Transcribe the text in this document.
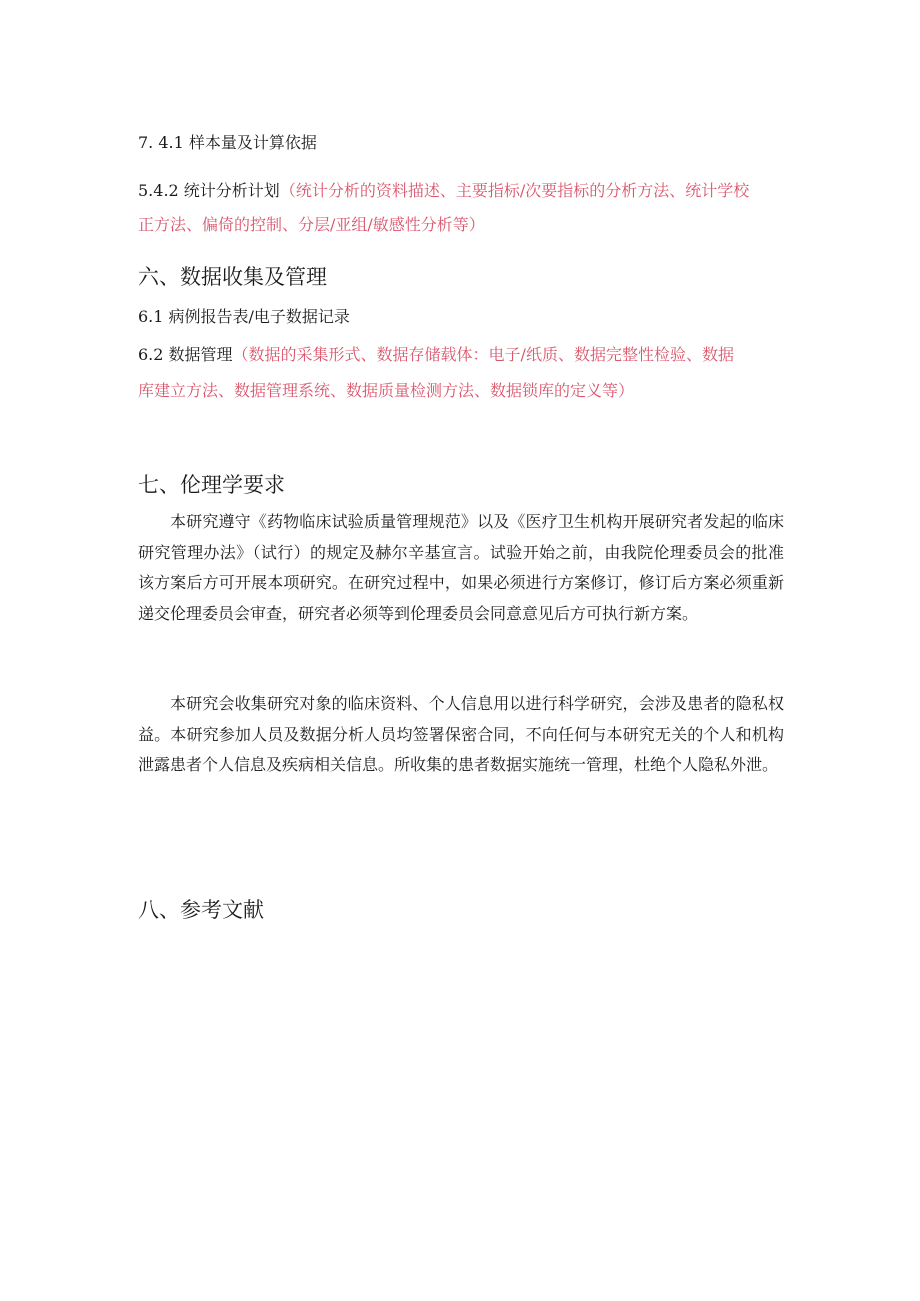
7. 4.1 样本量及计算依据
5.4.2 统计分析计划（统计分析的资料描述、主要指标/次要指标的分析方法、统计学校
正方法、偏倚的控制、分层/亚组/敏感性分析等）
六、数据收集及管理
6.1 病例报告表/电子数据记录
6.2 数据管理（数据的采集形式、数据存储载体：电子/纸质、数据完整性检验、数据
库建立方法、数据管理系统、数据质量检测方法、数据锁库的定义等）
七、伦理学要求

本研究遵守《药物临床试验质量管理规范》以及《医疗卫生机构开展研究者发起的临床研究管理办法》（试行）的规定及赫尔辛基宣言。试验开始之前，由我院伦理委员会的批准该方案后方可开展本项研究。在研究过程中，如果必须进行方案修订，修订后方案必须重新递交伦理委员会审查，研究者必须等到伦理委员会同意意见后方可执行新方案。

本研究会收集研究对象的临床资料、个人信息用以进行科学研究，会涉及患者的隐私权益。本研究参加人员及数据分析人员均签署保密合同，不向任何与本研究无关的个人和机构泄露患者个人信息及疾病相关信息。所收集的患者数据实施统一管理，杜绝个人隐私外泄。

八、参考文献
